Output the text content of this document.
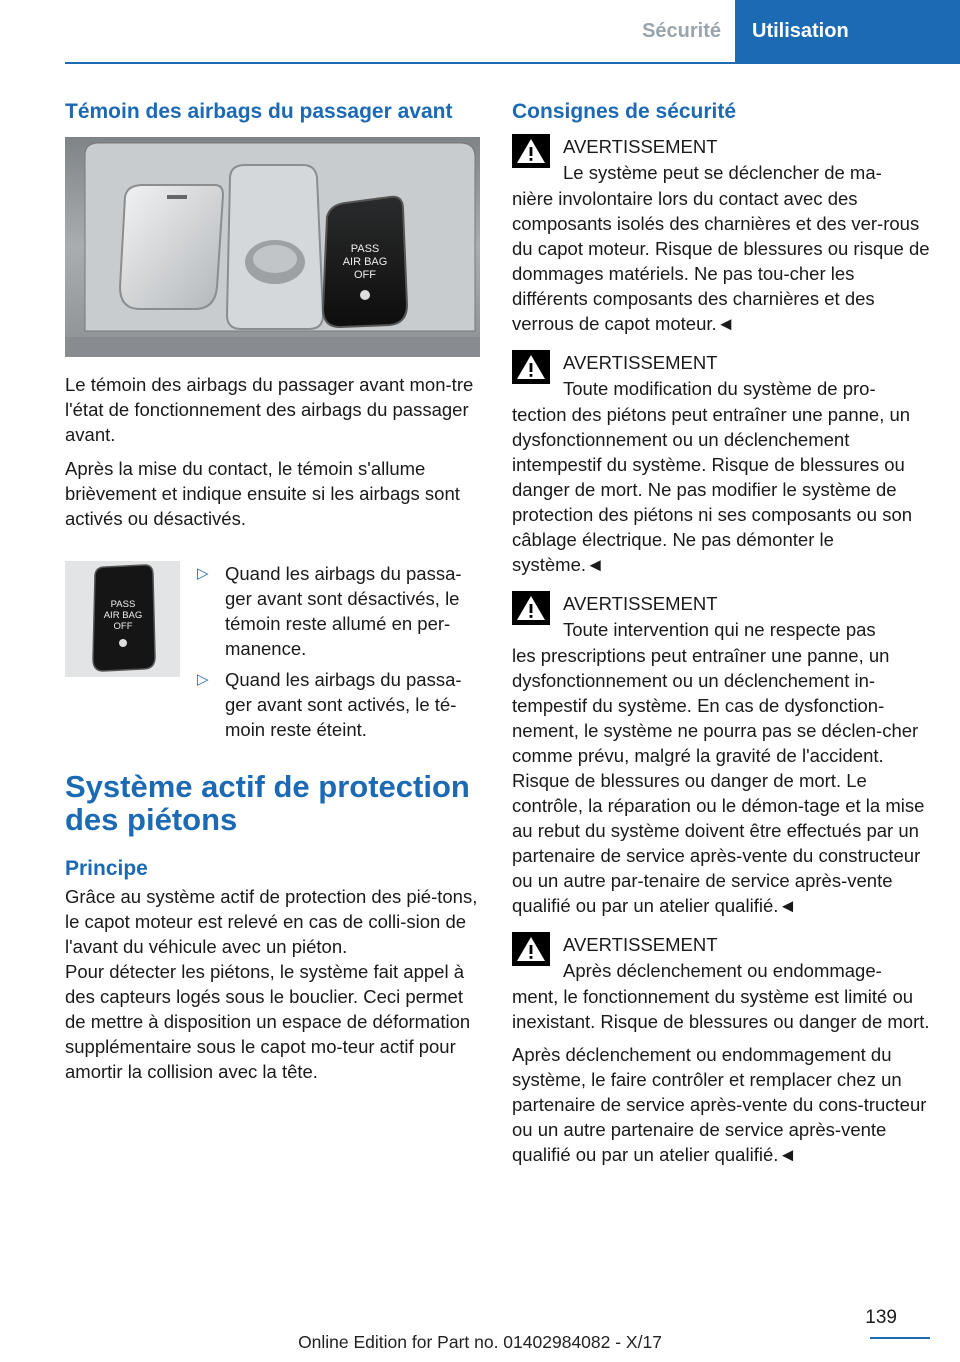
Sécurité	Utilisation
Témoin des airbags du passager avant
PASS
AIR BAG
OFF

Le témoin des airbags du passager avant mon-tre l'état de fonctionnement des airbags du passager avant.

Après la mise du contact, le témoin s'allume brièvement et indique ensuite si les airbags sont activés ou désactivés.

PASS
AIR BAG
OFF
▷ Quand les airbags du passa-ger avant sont désactivés, le témoin reste allumé en per-manence.
▷ Quand les airbags du passa-ger avant sont activés, le té-moin reste éteint.
Système actif de protection des piétons
Principe

Grâce au système actif de protection des pié-tons, le capot moteur est relevé en cas de colli-sion de l'avant du véhicule avec un piéton.

Pour détecter les piétons, le système fait appel à des capteurs logés sous le bouclier. Ceci permet de mettre à disposition un espace de déformation supplémentaire sous le capot mo-teur actif pour amortir la collision avec la tête.

Consignes de sécurité
AVERTISSEMENT
Le système peut se déclencher de ma-
nière involontaire lors du contact avec des composants isolés des charnières et des ver-rous du capot moteur. Risque de blessures ou risque de dommages matériels. Ne pas tou-cher les différents composants des charnières et des verrous de capot moteur.◄
AVERTISSEMENT
Toute modification du système de pro-
tection des piétons peut entraîner une panne, un dysfonctionnement ou un déclenchement intempestif du système. Risque de blessures ou danger de mort. Ne pas modifier le système de protection des piétons ni ses composants ou son câblage électrique. Ne pas démonter le système.◄
AVERTISSEMENT
Toute intervention qui ne respecte pas
les prescriptions peut entraîner une panne, un dysfonctionnement ou un déclenchement in-tempestif du système. En cas de dysfonction-nement, le système ne pourra pas se déclen-cher comme prévu, malgré la gravité de l'accident. Risque de blessures ou danger de mort. Le contrôle, la réparation ou le démon-tage et la mise au rebut du système doivent être effectués par un partenaire de service après-vente du constructeur ou un autre par-tenaire de service après-vente qualifié ou par un atelier qualifié.◄
AVERTISSEMENT
Après déclenchement ou endommage-
ment, le fonctionnement du système est limité ou inexistant. Risque de blessures ou danger de mort.

Après déclenchement ou endommagement du système, le faire contrôler et remplacer chez un partenaire de service après-vente du cons-tructeur ou un autre partenaire de service après-vente qualifié ou par un atelier qualifié.◄

139
Online Edition for Part no. 01402984082 - X/17
